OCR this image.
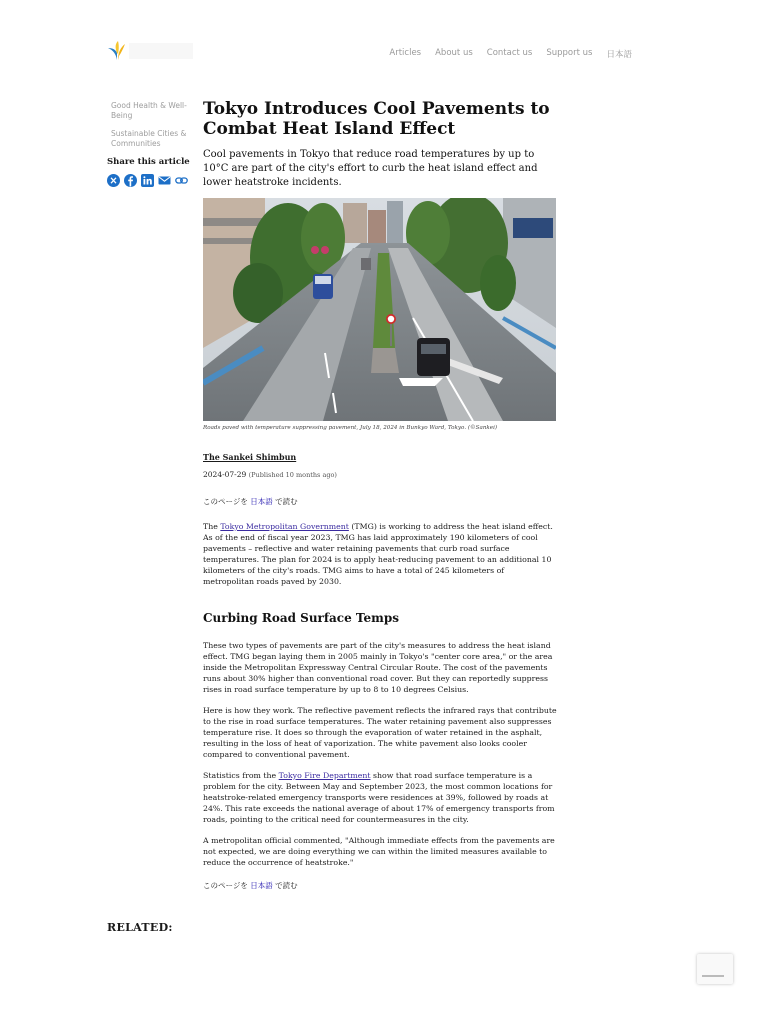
Articles About us Contact us Support us 日本語
Good Health & Well-Being
Sustainable Cities & Communities
Share this article
Tokyo Introduces Cool Pavements to Combat Heat Island Effect

Cool pavements in Tokyo that reduce road temperatures by up to 10°C are part of the city's effort to curb the heat island effect and lower heatstroke incidents.

Roads paved with temperature suppressing pavement, July 18, 2024 in Bunkyo Ward, Tokyo. (©Sankei)
The Sankei Shimbun
2024-07-29 (Published 10 months ago)
このページを 日本語 で読む

The Tokyo Metropolitan Government (TMG) is working to address the heat island effect. As of the end of fiscal year 2023, TMG has laid approximately 190 kilometers of cool pavements – reflective and water retaining pavements that curb road surface temperatures. The plan for 2024 is to apply heat-reducing pavement to an additional 10 kilometers of the city's roads. TMG aims to have a total of 245 kilometers of metropolitan roads paved by 2030.

Curbing Road Surface Temps

These two types of pavements are part of the city's measures to address the heat island effect. TMG began laying them in 2005 mainly in Tokyo's "center core area," or the area inside the Metropolitan Expressway Central Circular Route. The cost of the pavements runs about 30% higher than conventional road cover. But they can reportedly suppress rises in road surface temperature by up to 8 to 10 degrees Celsius.

Here is how they work. The reflective pavement reflects the infrared rays that contribute to the rise in road surface temperatures. The water retaining pavement also suppresses temperature rise. It does so through the evaporation of water retained in the asphalt, resulting in the loss of heat of vaporization. The white pavement also looks cooler compared to conventional pavement.

Statistics from the Tokyo Fire Department show that road surface temperature is a problem for the city. Between May and September 2023, the most common locations for heatstroke-related emergency transports were residences at 39%, followed by roads at 24%. This rate exceeds the national average of about 17% of emergency transports from roads, pointing to the critical need for countermeasures in the city.

A metropolitan official commented, "Although immediate effects from the pavements are not expected, we are doing everything we can within the limited measures available to reduce the occurrence of heatstroke."

このページを 日本語 で読む
RELATED:
